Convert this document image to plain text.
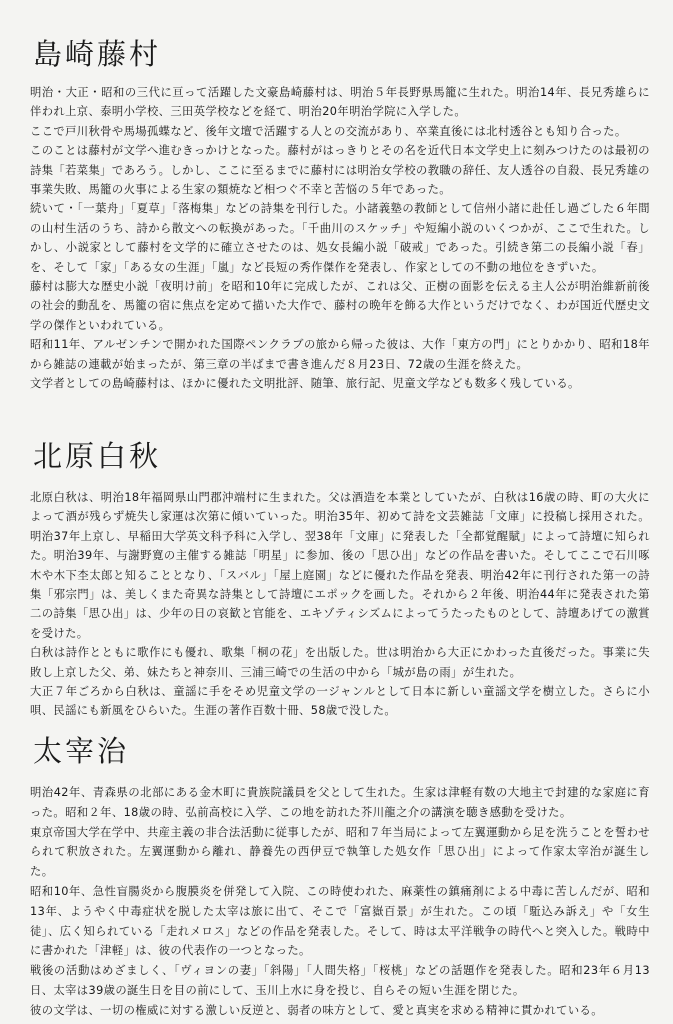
島崎藤村

明治・大正・昭和の三代に亘って活躍した文豪島崎藤村は、明治５年長野県馬籠に生れた。明治14年、長兄秀雄らに伴われ上京、泰明小学校、三田英学校などを経て、明治20年明治学院に入学した。

ここで戸川秋骨や馬場孤蝶など、後年文壇で活躍する人との交流があり、卒業直後には北村透谷とも知り合った。

このことは藤村が文学へ進むきっかけとなった。藤村がはっきりとその名を近代日本文学史上に刻みつけたのは最初の詩集「若菜集」であろう。しかし、ここに至るまでに藤村には明治女学校の教職の辞任、友人透谷の自殺、長兄秀雄の事業失敗、馬籠の火事による生家の類焼など相つぐ不幸と苦悩の５年であった。

続いて・「一葉舟」「夏草」「落梅集」などの詩集を刊行した。小諸義塾の教師として信州小諸に赴任し過ごした６年間の山村生活のうち、詩から散文への転換があった。「千曲川のスケッチ」や短編小説のいくつかが、ここで生れた。しかし、小説家として藤村を文学的に確立させたのは、処女長編小説「破戒」であった。引続き第二の長編小説「春」を、そして「家」「ある女の生涯」「嵐」など長短の秀作傑作を発表し、作家としての不動の地位をきずいた。

藤村は膨大な歴史小説「夜明け前」を昭和10年に完成したが、これは父、正樹の面影を伝える主人公が明治維新前後の社会的動乱を、馬籠の宿に焦点を定めて描いた大作で、藤村の晩年を飾る大作というだけでなく、わが国近代歴史文学の傑作といわれている。

昭和11年、アルゼンチンで開かれた国際ペンクラブの旅から帰った彼は、大作「東方の門」にとりかかり、昭和18年から雑誌の連載が始まったが、第三章の半ばまで書き進んだ８月23日、72歳の生涯を終えた。

文学者としての島崎藤村は、ほかに優れた文明批評、随筆、旅行記、児童文学なども数多く残している。

北原白秋

北原白秋は、明治18年福岡県山門郡沖端村に生まれた。父は酒造を本業としていたが、白秋は16歳の時、町の大火によって酒が残らず焼失し家運は次第に傾いていった。明治35年、初めて詩を文芸雑誌「文庫」に投稿し採用された。明治37年上京し、早稲田大学英文科予科に入学し、翌38年「文庫」に発表した「全都覚醒賦」によって詩壇に知られた。明治39年、与謝野寛の主催する雑誌「明星」に参加、後の「思ひ出」などの作品を書いた。そしてここで石川啄木や木下杢太郎と知ることとなり、「スバル」「屋上庭園」などに優れた作品を発表、明治42年に刊行された第一の詩集「邪宗門」は、美しくまた奇異な詩集として詩壇にエポックを画した。それから２年後、明治44年に発表された第二の詩集「思ひ出」は、少年の日の哀歓と官能を、エキゾティシズムによってうたったものとして、詩壇あげての激賞を受けた。

白秋は詩作とともに歌作にも優れ、歌集「桐の花」を出版した。世は明治から大正にかわった直後だった。事業に失敗し上京した父、弟、妹たちと神奈川、三浦三崎での生活の中から「城が島の雨」が生れた。

大正７年ごろから白秋は、童謡に手をそめ児童文学の一ジャンルとして日本に新しい童謡文学を樹立した。さらに小唄、民謡にも新風をひらいた。生涯の著作百数十冊、58歳で没した。

太宰治

明治42年、青森県の北部にある金木町に貴族院議員を父として生れた。生家は津軽有数の大地主で封建的な家庭に育った。昭和２年、18歳の時、弘前高校に入学、この地を訪れた芥川龍之介の講演を聴き感動を受けた。

東京帝国大学在学中、共産主義の非合法活動に従事したが、昭和７年当局によって左翼運動から足を洗うことを誓わせられて釈放された。左翼運動から離れ、静養先の西伊豆で執筆した処女作「思ひ出」によって作家太宰治が誕生した。

昭和10年、急性盲腸炎から腹膜炎を併発して入院、この時使われた、麻薬性の鎮痛剤による中毒に苦しんだが、昭和13年、ようやく中毒症状を脱した太宰は旅に出て、そこで「富嶽百景」が生れた。この頃「駈込み訴え」や「女生徒」、広く知られている「走れメロス」などの作品を発表した。そして、時は太平洋戦争の時代へと突入した。戦時中に書かれた「津軽」は、彼の代表作の一つとなった。

戦後の活動はめざましく、「ヴィヨンの妻」「斜陽」「人間失格」「桜桃」などの話題作を発表した。昭和23年６月13日、太宰は39歳の誕生日を目の前にして、玉川上水に身を投じ、自らその短い生涯を閉じた。

彼の文学は、一切の権威に対する激しい反逆と、弱者の味方として、愛と真実を求める精神に貫かれている。
